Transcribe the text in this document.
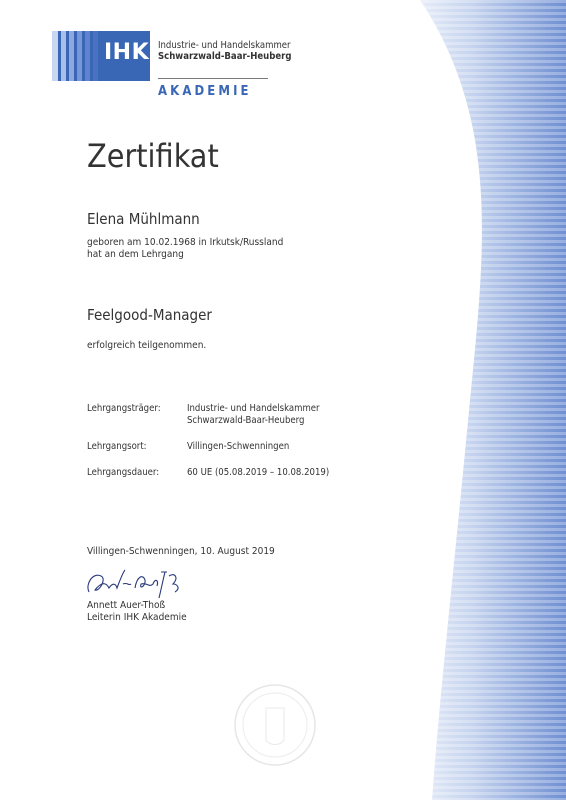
IHK Industrie- und Handelskammer
Schwarzwald-Baar-Heuberg
AKADEMIE
Zertifikat
Elena Mühlmann
geboren am 10.02.1968 in Irkutsk/Russland
hat an dem Lehrgang
Feelgood-Manager
erfolgreich teilgenommen.
Lehrgangsträger:	Industrie- und Handelskammer
Schwarzwald-Baar-Heuberg
Lehrgangsort:	Villingen-Schwenningen
Lehrgangsdauer:	60 UE (05.08.2019 – 10.08.2019)
Villingen-Schwenningen, 10. August 2019
Annett Auer-Thoß
Leiterin IHK Akademie
